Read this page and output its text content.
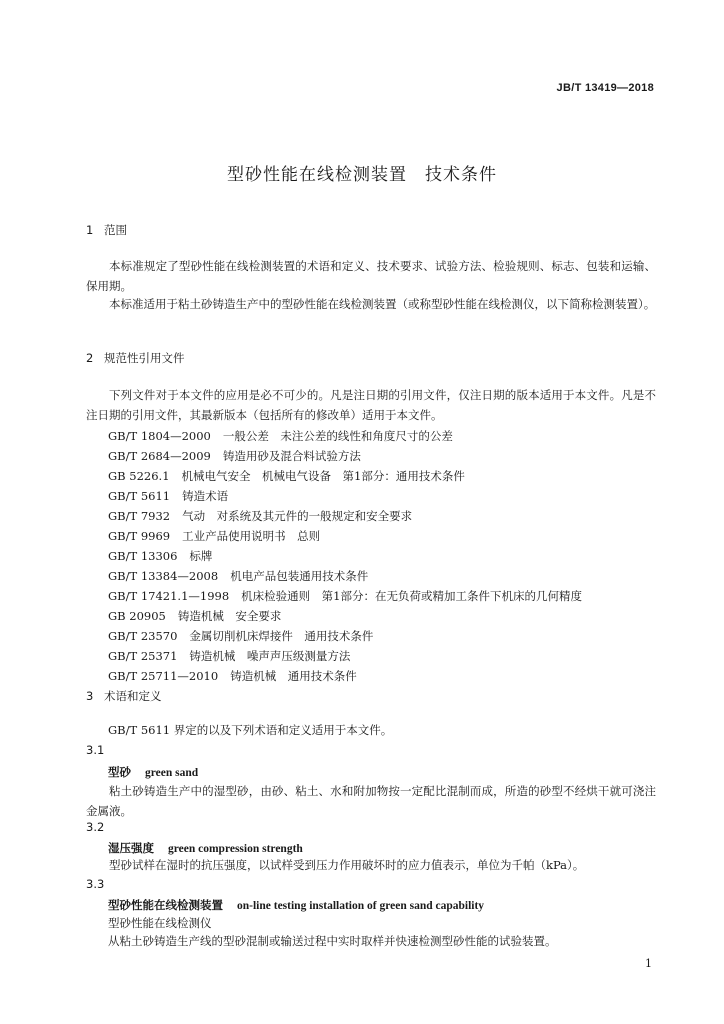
JB/T 13419—2018
型砂性能在线检测装置 技术条件
1 范围
本标准规定了型砂性能在线检测装置的术语和定义、技术要求、试验方法、检验规则、标志、包装和运输、保用期。
本标准适用于粘土砂铸造生产中的型砂性能在线检测装置（或称型砂性能在线检测仪，以下简称检测装置）。
2 规范性引用文件
下列文件对于本文件的应用是必不可少的。凡是注日期的引用文件，仅注日期的版本适用于本文件。凡是不注日期的引用文件，其最新版本（包括所有的修改单）适用于本文件。
GB/T 1804—2000 一般公差　未注公差的线性和角度尺寸的公差
GB/T 2684—2009 铸造用砂及混合料试验方法
GB 5226.1 机械电气安全　机械电气设备　第1部分：通用技术条件
GB/T 5611 铸造术语
GB/T 7932 气动　对系统及其元件的一般规定和安全要求
GB/T 9969 工业产品使用说明书　总则
GB/T 13306 标牌
GB/T 13384—2008 机电产品包装通用技术条件
GB/T 17421.1—1998 机床检验通则　第1部分：在无负荷或精加工条件下机床的几何精度
GB 20905 铸造机械　安全要求
GB/T 23570 金属切削机床焊接件　通用技术条件
GB/T 25371 铸造机械　噪声声压级测量方法
GB/T 25711—2010 铸造机械　通用技术条件
3 术语和定义
GB/T 5611 界定的以及下列术语和定义适用于本文件。
3.1
型砂 green sand
粘土砂铸造生产中的湿型砂，由砂、粘土、水和附加物按一定配比混制而成，所造的砂型不经烘干就可浇注金属液。
3.2
湿压强度 green compression strength
型砂试样在湿时的抗压强度，以试样受到压力作用破坏时的应力值表示，单位为千帕（kPa）。
3.3
型砂性能在线检测装置 on-line testing installation of green sand capability
型砂性能在线检测仪
从粘土砂铸造生产线的型砂混制或输送过程中实时取样并快速检测型砂性能的试验装置。
1
